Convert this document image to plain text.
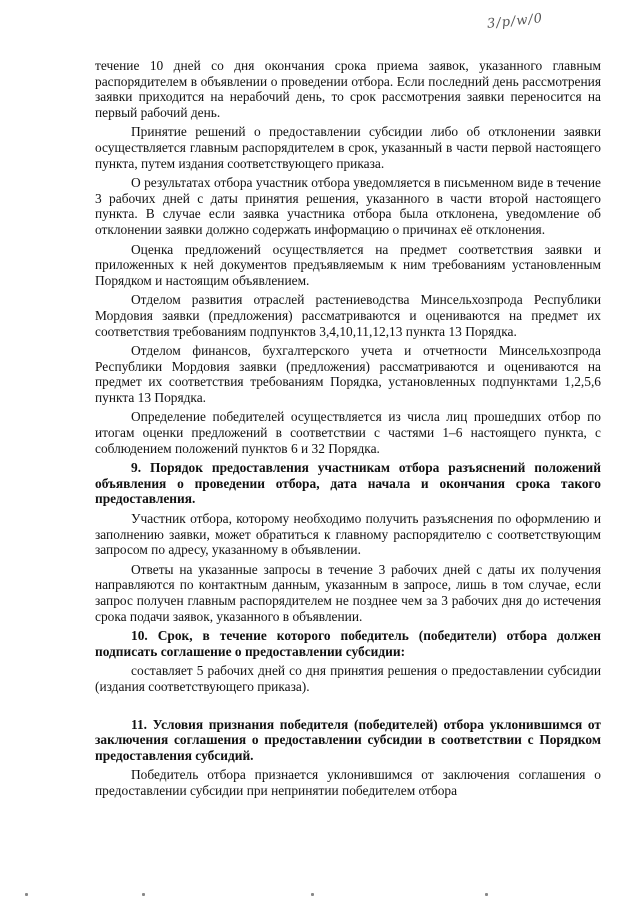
3/p/w/0

течение 10 дней со дня окончания срока приема заявок, указанного главным распорядителем в объявлении о проведении отбора. Если последний день рассмотрения заявки приходится на нерабочий день, то срок рассмотрения заявки переносится на первый рабочий день.

Принятие решений о предоставлении субсидии либо об отклонении заявки осуществляется главным распорядителем в срок, указанный в части первой настоящего пункта, путем издания соответствующего приказа.

О результатах отбора участник отбора уведомляется в письменном виде в течение 3 рабочих дней с даты принятия решения, указанного в части второй настоящего пункта. В случае если заявка участника отбора была отклонена, уведомление об отклонении заявки должно содержать информацию о причинах её отклонения.

Оценка предложений осуществляется на предмет соответствия заявки и приложенных к ней документов предъявляемым к ним требованиям установленным Порядком и настоящим объявлением.

Отделом развития отраслей растениеводства Минсельхозпрода Республики Мордовия заявки (предложения) рассматриваются и оцениваются на предмет их соответствия требованиям подпунктов 3,4,10,11,12,13 пункта 13 Порядка.

Отделом финансов, бухгалтерского учета и отчетности Минсельхозпрода Республики Мордовия заявки (предложения) рассматриваются и оцениваются на предмет их соответствия требованиям Порядка, установленных подпунктами 1,2,5,6 пункта 13 Порядка.

Определение победителей осуществляется из числа лиц прошедших отбор по итогам оценки предложений в соответствии с частями 1–6 настоящего пункта, с соблюдением положений пунктов 6 и 32 Порядка.

9. Порядок предоставления участникам отбора разъяснений положений объявления о проведении отбора, дата начала и окончания срока такого предоставления.

Участник отбора, которому необходимо получить разъяснения по оформлению и заполнению заявки, может обратиться к главному распорядителю с соответствующим запросом по адресу, указанному в объявлении.

Ответы на указанные запросы в течение 3 рабочих дней с даты их получения направляются по контактным данным, указанным в запросе, лишь в том случае, если запрос получен главным распорядителем не позднее чем за 3 рабочих дня до истечения срока подачи заявок, указанного в объявлении.

10. Срок, в течение которого победитель (победители) отбора должен подписать соглашение о предоставлении субсидии:

составляет 5 рабочих дней со дня принятия решения о предоставлении субсидии (издания соответствующего приказа).

11. Условия признания победителя (победителей) отбора уклонившимся от заключения соглашения о предоставлении субсидии в соответствии с Порядком предоставления субсидий.

Победитель отбора признается уклонившимся от заключения соглашения о предоставлении субсидии при непринятии победителем отбора
